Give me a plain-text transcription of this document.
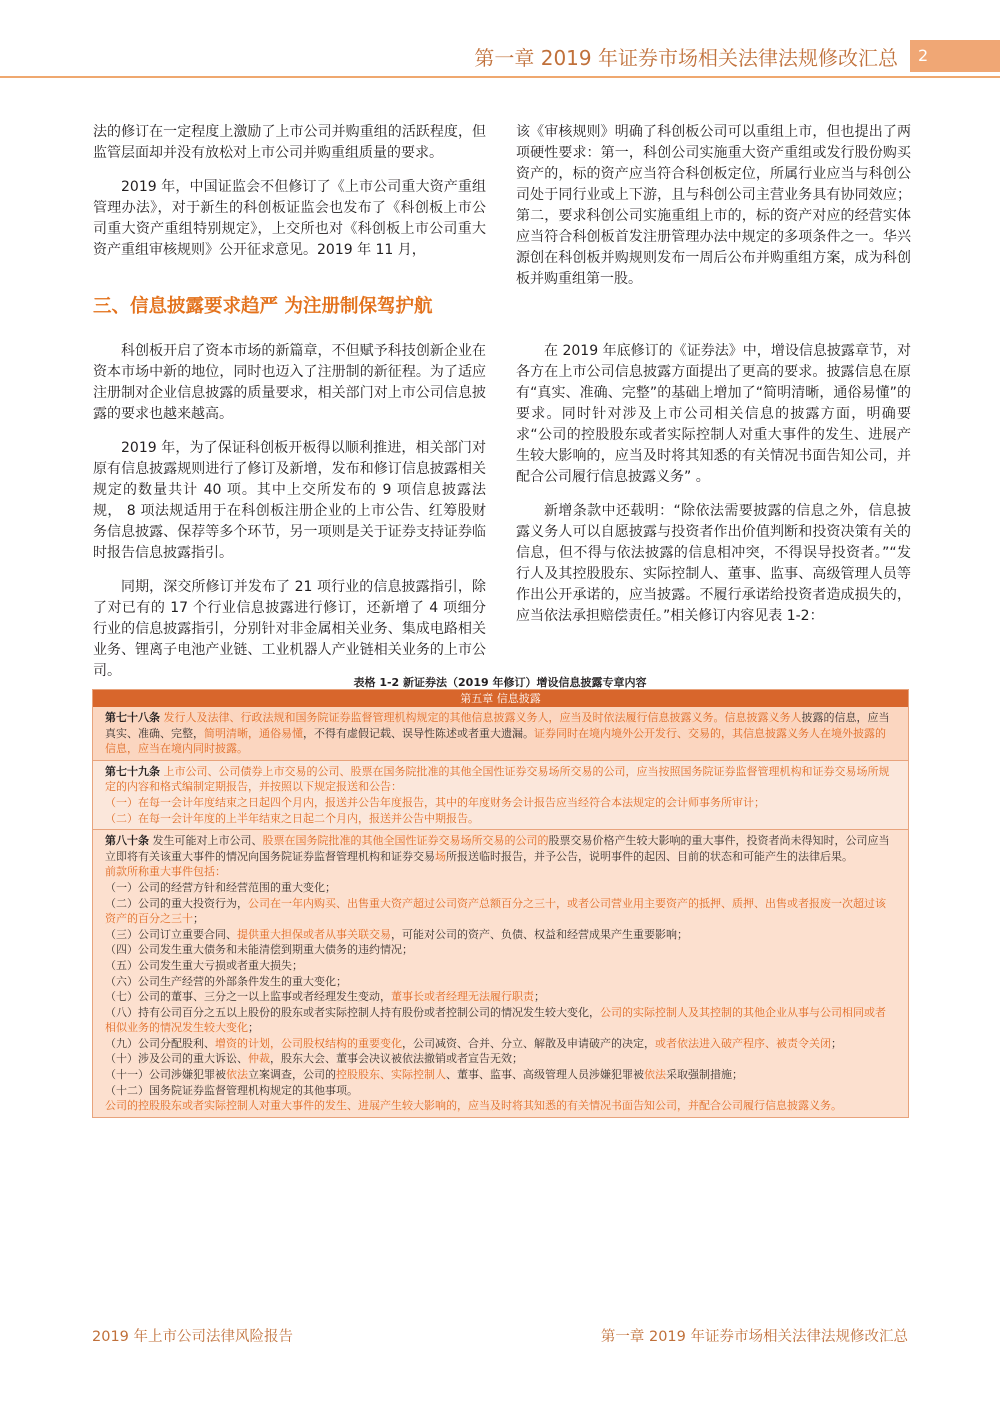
第一章 2019 年证券市场相关法律法规修改汇总	2

法的修订在一定程度上激励了上市公司并购重组的活跃程度，但监管层面却并没有放松对上市公司并购重组质量的要求。

2019 年，中国证监会不但修订了《上市公司重大资产重组管理办法》，对于新生的科创板证监会也发布了《科创板上市公司重大资产重组特别规定》，上交所也对《科创板上市公司重大资产重组审核规则》公开征求意见。2019 年 11 月，

该《审核规则》明确了科创板公司可以重组上市，但也提出了两项硬性要求：第一，科创公司实施重大资产重组或发行股份购买资产的，标的资产应当符合科创板定位，所属行业应当与科创公司处于同行业或上下游，且与科创公司主营业务具有协同效应；第二，要求科创公司实施重组上市的，标的资产对应的经营实体应当符合科创板首发注册管理办法中规定的多项条件之一。华兴源创在科创板并购规则发布一周后公布并购重组方案，成为科创板并购重组第一股。

三、信息披露要求趋严 为注册制保驾护航

科创板开启了资本市场的新篇章，不但赋予科技创新企业在资本市场中新的地位，同时也迈入了注册制的新征程。为了适应注册制对企业信息披露的质量要求，相关部门对上市公司信息披露的要求也越来越高。

2019 年，为了保证科创板开板得以顺利推进，相关部门对原有信息披露规则进行了修订及新增，发布和修订信息披露相关规定的数量共计 40 项。其中上交所发布的 9 项信息披露法规， 8 项法规适用于在科创板注册企业的上市公告、红筹股财务信息披露、保荐等多个环节，另一项则是关于证券支持证券临时报告信息披露指引。

同期，深交所修订并发布了 21 项行业的信息披露指引，除了对已有的 17 个行业信息披露进行修订，还新增了 4 项细分行业的信息披露指引，分别针对非金属相关业务、集成电路相关业务、锂离子电池产业链、工业机器人产业链相关业务的上市公司。

在 2019 年底修订的《证券法》中，增设信息披露章节，对各方在上市公司信息披露方面提出了更高的要求。披露信息在原有“真实、准确、完整”的基础上增加了“简明清晰，通俗易懂”的要求。同时针对涉及上市公司相关信息的披露方面，明确要求“公司的控股股东或者实际控制人对重大事件的发生、进展产生较大影响的，应当及时将其知悉的有关情况书面告知公司，并配合公司履行信息披露义务” 。

新增条款中还载明：“除依法需要披露的信息之外，信息披露义务人可以自愿披露与投资者作出价值判断和投资决策有关的信息，但不得与依法披露的信息相冲突，不得误导投资者。”“发行人及其控股股东、实际控制人、董事、监事、高级管理人员等作出公开承诺的，应当披露。不履行承诺给投资者造成损失的，应当依法承担赔偿责任。”相关修订内容见表 1-2：

表格 1-2 新证券法（2019 年修订）增设信息披露专章内容
第五章 信息披露

第七十八条 发行人及法律、行政法规和国务院证券监督管理机构规定的其他信息披露义务人，应当及时依法履行信息披露义务。信息披露义务人披露的信息，应当真实、准确、完整，简明清晰，通俗易懂，不得有虚假记载、误导性陈述或者重大遗漏。证券同时在境内境外公开发行、交易的，其信息披露义务人在境外披露的信息，应当在境内同时披露。

第七十九条 上市公司、公司债券上市交易的公司、股票在国务院批准的其他全国性证券交易场所交易的公司，应当按照国务院证券监督管理机构和证券交易场所规定的内容和格式编制定期报告，并按照以下规定报送和公告：

（一）在每一会计年度结束之日起四个月内，报送并公告年度报告，其中的年度财务会计报告应当经符合本法规定的会计师事务所审计；

（二）在每一会计年度的上半年结束之日起二个月内，报送并公告中期报告。

第八十条 发生可能对上市公司、股票在国务院批准的其他全国性证券交易场所交易的公司的股票交易价格产生较大影响的重大事件，投资者尚未得知时，公司应当立即将有关该重大事件的情况向国务院证券监督管理机构和证券交易场所报送临时报告，并予公告，说明事件的起因、目前的状态和可能产生的法律后果。

前款所称重大事件包括：

（一）公司的经营方针和经营范围的重大变化；

（二）公司的重大投资行为，公司在一年内购买、出售重大资产超过公司资产总额百分之三十，或者公司营业用主要资产的抵押、质押、出售或者报废一次超过该资产的百分之三十；

（三）公司订立重要合同、提供重大担保或者从事关联交易，可能对公司的资产、负债、权益和经营成果产生重要影响；

（四）公司发生重大债务和未能清偿到期重大债务的违约情况；

（五）公司发生重大亏损或者重大损失；

（六）公司生产经营的外部条件发生的重大变化；

（七）公司的董事、三分之一以上监事或者经理发生变动，董事长或者经理无法履行职责；

（八）持有公司百分之五以上股份的股东或者实际控制人持有股份或者控制公司的情况发生较大变化，公司的实际控制人及其控制的其他企业从事与公司相同或者相似业务的情况发生较大变化；

（九）公司分配股利、增资的计划，公司股权结构的重要变化，公司减资、合并、分立、解散及申请破产的决定，或者依法进入破产程序、被责令关闭；

（十）涉及公司的重大诉讼、仲裁，股东大会、董事会决议被依法撤销或者宣告无效；

（十一）公司涉嫌犯罪被依法立案调查，公司的控股股东、实际控制人、董事、监事、高级管理人员涉嫌犯罪被依法采取强制措施；

（十二）国务院证券监督管理机构规定的其他事项。

公司的控股股东或者实际控制人对重大事件的发生、进展产生较大影响的，应当及时将其知悉的有关情况书面告知公司，并配合公司履行信息披露义务。

2019 年上市公司法律风险报告	第一章 2019 年证券市场相关法律法规修改汇总
